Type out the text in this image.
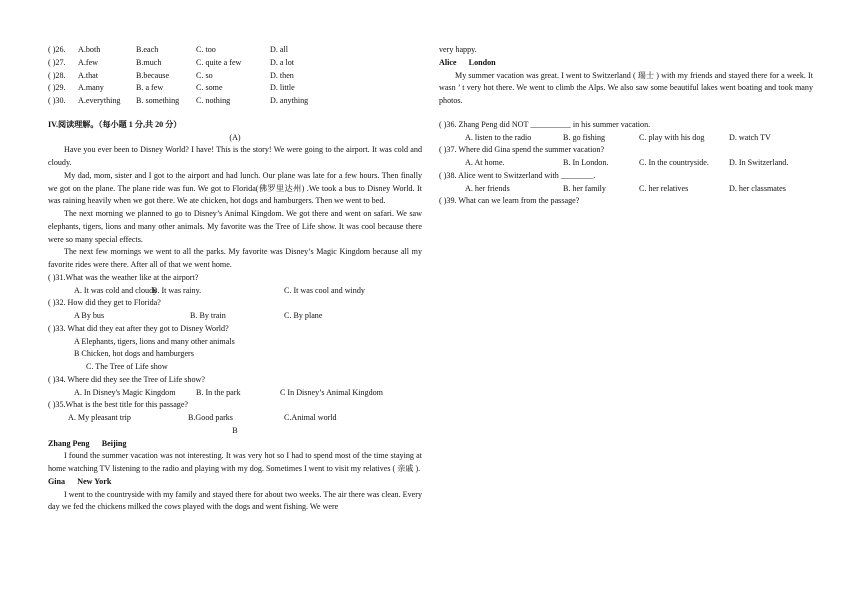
( )26. A.both	B.each	C. too	D. all
( )27. A.few	B.much	C. quite a few	D. a lot
( )28. A.that	B.because	C. so	D. then
( )29. A.many	B. a few	C. some	D. little
( )30. A.everything B. something C. nothing	D. anything
IV.阅读理解。（每小题 1 分,共 20 分）
(A)

Have you ever been to Disney World? I have! This is the story! We were going to the airport. It was cold and cloudy.

My dad, mom, sister and I got to the airport and had lunch. Our plane was late for a few hours. Then finally we got on the plane. The plane ride was fun. We got to Florida(佛罗里达州) .We took a bus to Disney World. It was raining heavily when we got there. We ate chicken, hot dogs and hamburgers. Then we went to bed.

The next morning we planned to go to Disney’s Animal Kingdom. We got there and went on safari. We saw elephants, tigers, lions and many other animals. My favorite was the Tree of Life show. It was cool because there were so many special effects.

The next few mornings we went to all the parks. My favorite was Disney’s Magic Kingdom because all my favorite rides were there. After all of that we went home.

( )31.What was the weather like at the airport?
A. It was cold and cloudy
B. It was rainy.	C. It was cool and windy
( )32. How did they get to Florida?
A By bus	B. By train	C. By plane
( )33. What did they eat after they got to Disney World?
A Elephants, tigers, lions and many other animals
B Chicken, hot dogs and hamburgers
C. The Tree of Life show
( )34. Where did they see the Tree of Life show?
A. In Disney's Magic Kingdom	B. In the park	C In Disney’s Animal Kingdom
( )35.What is the best title for this passage?
A. My pleasant trip	B.Good parks	C.Animal world
B
Zhang Peng      Beijing

I found the summer vacation was not interesting. It was very hot so I had to spend most of the time staying at home watching TV listening to the radio and playing with my dog. Sometimes I went to visit my relatives ( 亲戚 ).

Gina      New York

I went to the countryside with my family and stayed there for about two weeks. The air there was clean. Every day we fed the chickens milked the cows played with the dogs and went fishing. We were

very happy.
Alice      London

My summer vacation was great. I went to Switzerland ( 瑞士 ) with my friends and stayed there for a week. It wasn ’ t very hot there. We went to climb the Alps. We also saw some beautiful lakes went boating and took many photos.

( )36. Zhang Peng did NOT __________ in his summer vacation.
A. listen to the radio	B. go fishing	C. play with his dog	D. watch TV
( )37. Where did Gina spend the summer vacation?
A. At home.	B. In London.	C. In the countryside. D. In Switzerland.
( )38. Alice went to Switzerland with ________.
A. her friends	B. her family	C. her relatives	D. her classmates
( )39. What can we learn from the passage?
